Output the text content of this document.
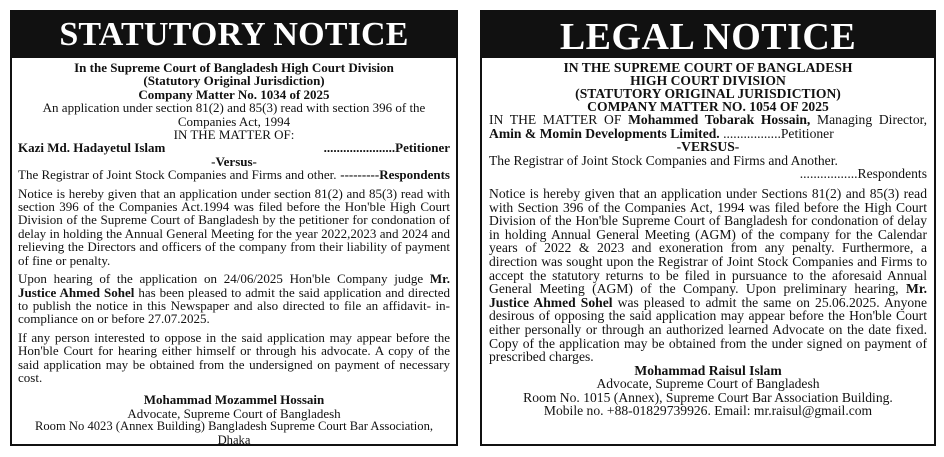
STATUTORY NOTICE

In the Supreme Court of Bangladesh High Court Division

(Statutory Original Jurisdiction)

Company Matter No. 1034 of 2025

An application under section 81(2) and 85(3) read with section 396 of the Companies Act, 1994

IN THE MATTER OF:

Kazi Md. Hadayetul Islam	......................Petitioner

-Versus-

The Registrar of Joint Stock Companies and Firms and other. ---------Respondents

Notice is hereby given that an application under section 81(2) and 85(3) read with section 396 of the Companies Act.1994 was filed before the Hon'ble High Court Division of the Supreme Court of Bangladesh by the petitioner for condonation of delay in holding the Annual General Meeting for the year 2022,2023 and 2024 and relieving the Directors and officers of the company from their liability of payment of fine or penalty.

Upon hearing of the application on 24/06/2025 Hon'ble Company judge Mr. Justice Ahmed Sohel has been pleased to admit the said application and directed to publish the notice in this Newspaper and also directed to file an affidavit- in-compliance on or before 27.07.2025.

If any person interested to oppose in the said application may appear before the Hon'ble Court for hearing either himself or through his advocate. A copy of the said application may be obtained from the undersigned on payment of necessary cost.

Mohammad Mozammel Hossain

Advocate, Supreme Court of Bangladesh

Room No 4023 (Annex Building) Bangladesh Supreme Court Bar Association, Dhaka

LEGAL NOTICE

IN THE SUPREME COURT OF BANGLADESH

HIGH COURT DIVISION

(STATUTORY ORIGINAL JURISDICTION)

COMPANY MATTER NO. 1054 OF 2025

IN THE MATTER OF Mohammed Tobarak Hossain, Managing Director, Amin & Momin Developments Limited. .................Petitioner

-VERSUS-

The Registrar of Joint Stock Companies and Firms and Another.

.................Respondents

Notice is hereby given that an application under Sections 81(2) and 85(3) read with Section 396 of the Companies Act, 1994 was filed before the High Court Division of the Hon'ble Supreme Court of Bangladesh for condonation of delay in holding Annual General Meeting (AGM) of the company for the Calendar years of 2022 & 2023 and exoneration from any penalty. Furthermore, a direction was sought upon the Registrar of Joint Stock Companies and Firms to accept the statutory returns to be filed in pursuance to the aforesaid Annual General Meeting (AGM) of the Company. Upon preliminary hearing, Mr. Justice Ahmed Sohel was pleased to admit the same on 25.06.2025. Anyone desirous of opposing the said application may appear before the Hon'ble Court either personally or through an authorized learned Advocate on the date fixed. Copy of the application may be obtained from the under signed on payment of prescribed charges.

Mohammad Raisul Islam

Advocate, Supreme Court of Bangladesh

Room No. 1015 (Annex), Supreme Court Bar Association Building.

Mobile no. +88-01829739926. Email: mr.raisul@gmail.com
